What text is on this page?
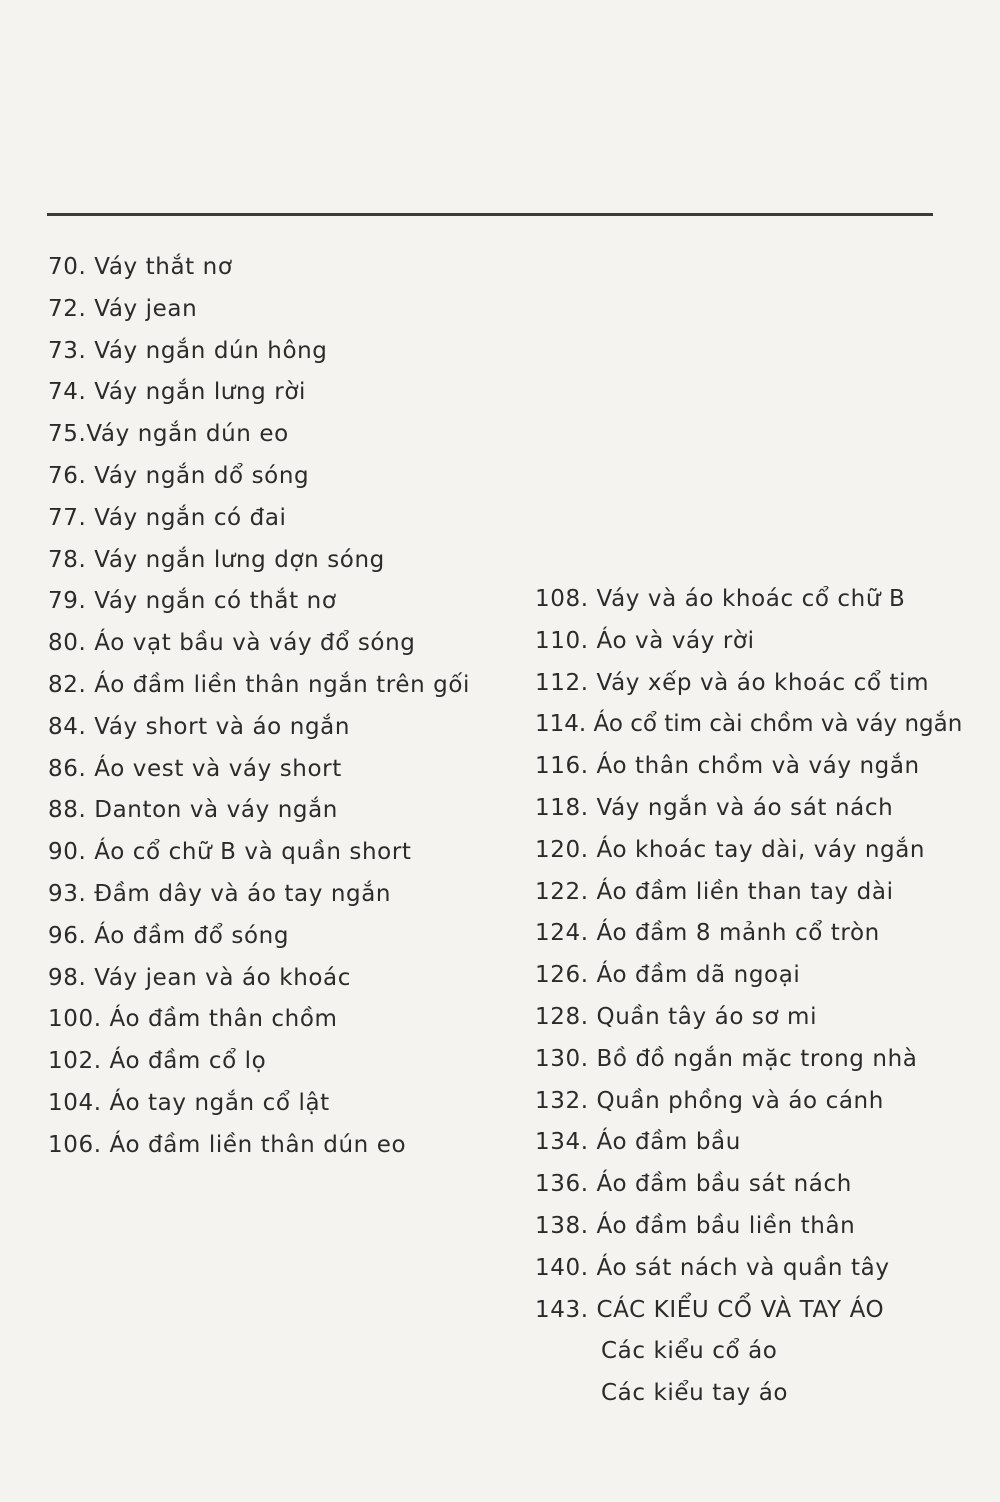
70. Váy thắt nơ
72. Váy jean
73. Váy ngắn dún hông
74. Váy ngắn lưng rời
75.Váy ngắn dún eo
76. Váy ngắn dổ sóng
77. Váy ngắn có đai
78. Váy ngắn lưng dợn sóng
79. Váy ngắn có thắt nơ
80. Áo vạt bầu và váy đổ sóng
82. Áo đầm liền thân ngắn trên gối
84. Váy short và áo ngắn
86. Áo vest và váy short
88. Danton và váy ngắn
90. Áo cổ chữ B và quần short
93. Đầm dây và áo tay ngắn
96. Áo đầm đổ sóng
98. Váy jean và áo khoác
100. Áo đầm thân chồm
102. Áo đầm cổ lọ
104. Áo tay ngắn cổ lật
106. Áo đầm liền thân dún eo
108. Váy và áo khoác cổ chữ B
110. Áo và váy rời
112. Váy xếp và áo khoác cổ tim
114. Áo cổ tim cài chồm và váy ngắn
116. Áo thân chồm và váy ngắn
118. Váy ngắn và áo sát nách
120. Áo khoác tay dài, váy ngắn
122. Áo đầm liền than tay dài
124. Áo đầm 8 mảnh cổ tròn
126. Áo đầm dã ngoại
128. Quần tây áo sơ mi
130. Bồ đồ ngắn mặc trong nhà
132. Quần phồng và áo cánh
134. Áo đầm bầu
136. Áo đầm bầu sát nách
138. Áo đầm bầu liền thân
140. Áo sát nách và quần tây
143. CÁC KIỂU CỔ VÀ TAY ÁO
Các kiểu cổ áo
Các kiểu tay áo
